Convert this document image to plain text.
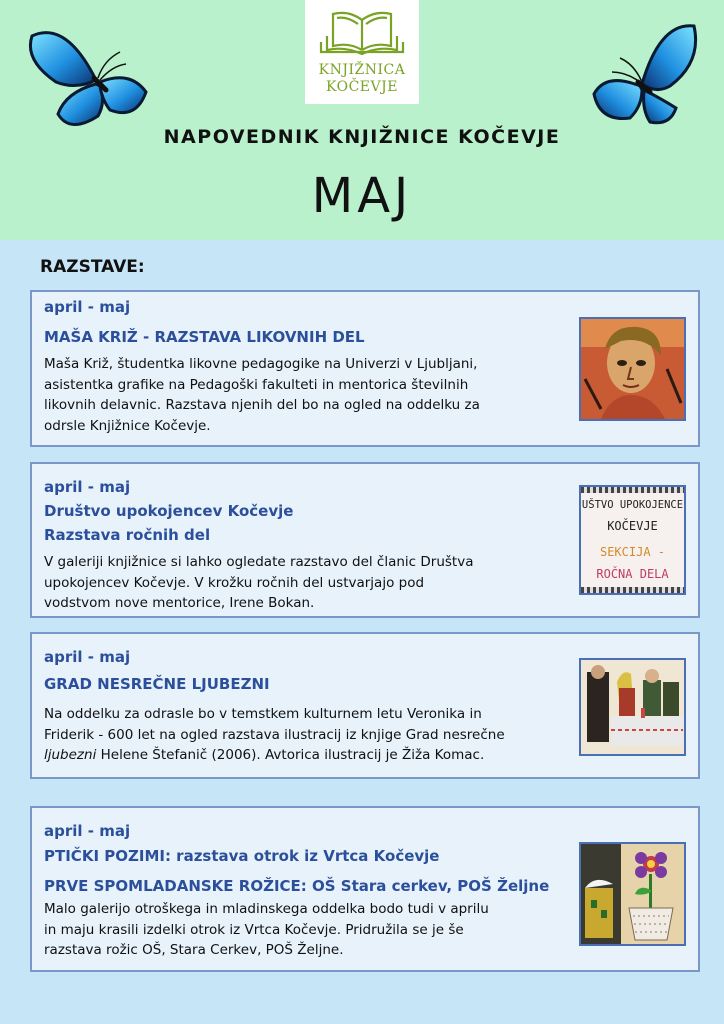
KNJIŽNICA
KOČEVJE
NAPOVEDNIK KNJIŽNICE KOČEVJE
MAJ
RAZSTAVE:
april - maj
MAŠA KRIŽ - RAZSTAVA LIKOVNIH DEL
Maša Križ, študentka likovne pedagogike na Univerzi v Ljubljani,
asistentka grafike na Pedagoški fakulteti in mentorica številnih
likovnih delavnic. Razstava njenih del bo na ogled na oddelku za
odrsle Knjižnice Kočevje.
april - maj
Društvo upokojencev Kočevje
Razstava ročnih del
V galeriji knjižnice si lahko ogledate razstavo del članic Društva
upokojencev Kočevje. V krožku ročnih del ustvarjajo pod
vodstvom nove mentorice, Irene Bokan.
UŠTVO UPOKOJENCE
KOČEVJE
SEKCIJA -
ROČNA DELA
april - maj
GRAD NESREČNE LJUBEZNI
Na oddelku za odrasle bo v temstkem kulturnem letu Veronika in
Friderik - 600 let na ogled razstava ilustracij iz knjige Grad nesrečne
ljubezni Helene Štefanič (2006). Avtorica ilustracij je Žiža Komac.
april - maj
PTIČKI POZIMI: razstava otrok iz Vrtca Kočevje
PRVE SPOMLADANSKE ROŽICE: OŠ Stara cerkev, POŠ Željne
Malo galerijo otroškega in mladinskega oddelka bodo tudi v aprilu
in maju krasili izdelki otrok iz Vrtca Kočevje. Pridružila se je še
razstava rožic OŠ, Stara Cerkev, POŠ Željne.
